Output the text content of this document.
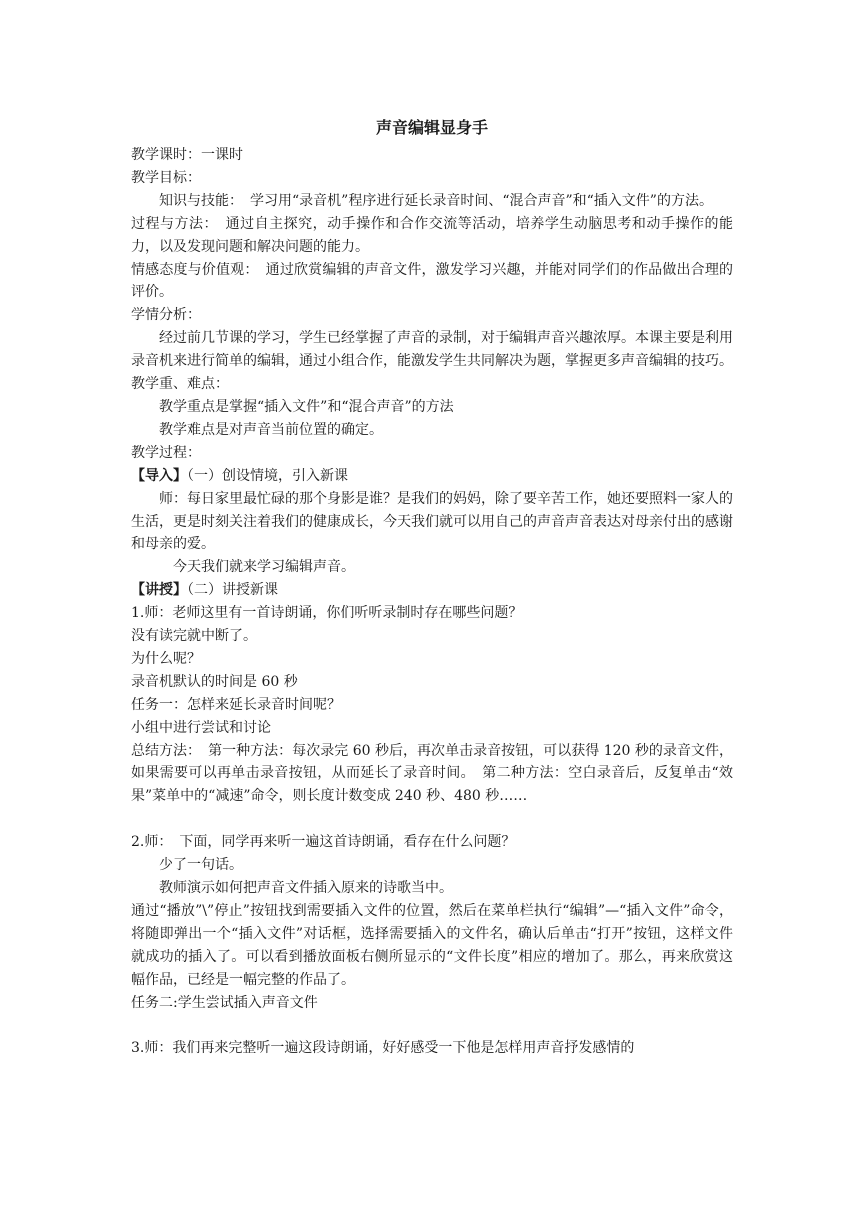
声音编辑显身手

教学课时：一课时

教学目标：

知识与技能：　学习用“录音机”程序进行延长录音时间、“混合声音”和“插入文件”的方法。

过程与方法：　通过自主探究，动手操作和合作交流等活动，培养学生动脑思考和动手操作的能力，以及发现问题和解决问题的能力。

情感态度与价值观：　通过欣赏编辑的声音文件，激发学习兴趣，并能对同学们的作品做出合理的评价。

学情分析：

经过前几节课的学习，学生已经掌握了声音的录制，对于编辑声音兴趣浓厚。本课主要是利用录音机来进行简单的编辑，通过小组合作，能激发学生共同解决为题，掌握更多声音编辑的技巧。

教学重、难点：

教学重点是掌握“插入文件”和“混合声音”的方法

教学难点是对声音当前位置的确定。

教学过程：

【导入】（一）创设情境，引入新课

师：每日家里最忙碌的那个身影是谁？是我们的妈妈，除了要辛苦工作，她还要照料一家人的生活，更是时刻关注着我们的健康成长，今天我们就可以用自己的声音声音表达对母亲付出的感谢和母亲的爱。

今天我们就来学习编辑声音。

【讲授】（二）讲授新课

1.师：老师这里有一首诗朗诵，你们听听录制时存在哪些问题？

没有读完就中断了。

为什么呢？

录音机默认的时间是 60 秒

任务一：怎样来延长录音时间呢？

小组中进行尝试和讨论

总结方法：　第一种方法：每次录完 60 秒后，再次单击录音按钮，可以获得 120 秒的录音文件，如果需要可以再单击录音按钮，从而延长了录音时间。　第二种方法：空白录音后，反复单击“效果”菜单中的“减速”命令，则长度计数变成 240 秒、480 秒……

2.师：　下面，同学再来听一遍这首诗朗诵，看存在什么问题？

少了一句话。

教师演示如何把声音文件插入原来的诗歌当中。

通过“播放”\”停止”按钮找到需要插入文件的位置，然后在菜单栏执行“编辑”—“插入文件”命令，将随即弹出一个“插入文件”对话框，选择需要插入的文件名，确认后单击“打开”按钮，这样文件就成功的插入了。可以看到播放面板右侧所显示的“文件长度”相应的增加了。那么，再来欣赏这幅作品，已经是一幅完整的作品了。

任务二:学生尝试插入声音文件

3.师：我们再来完整听一遍这段诗朗诵，好好感受一下他是怎样用声音抒发感情的
